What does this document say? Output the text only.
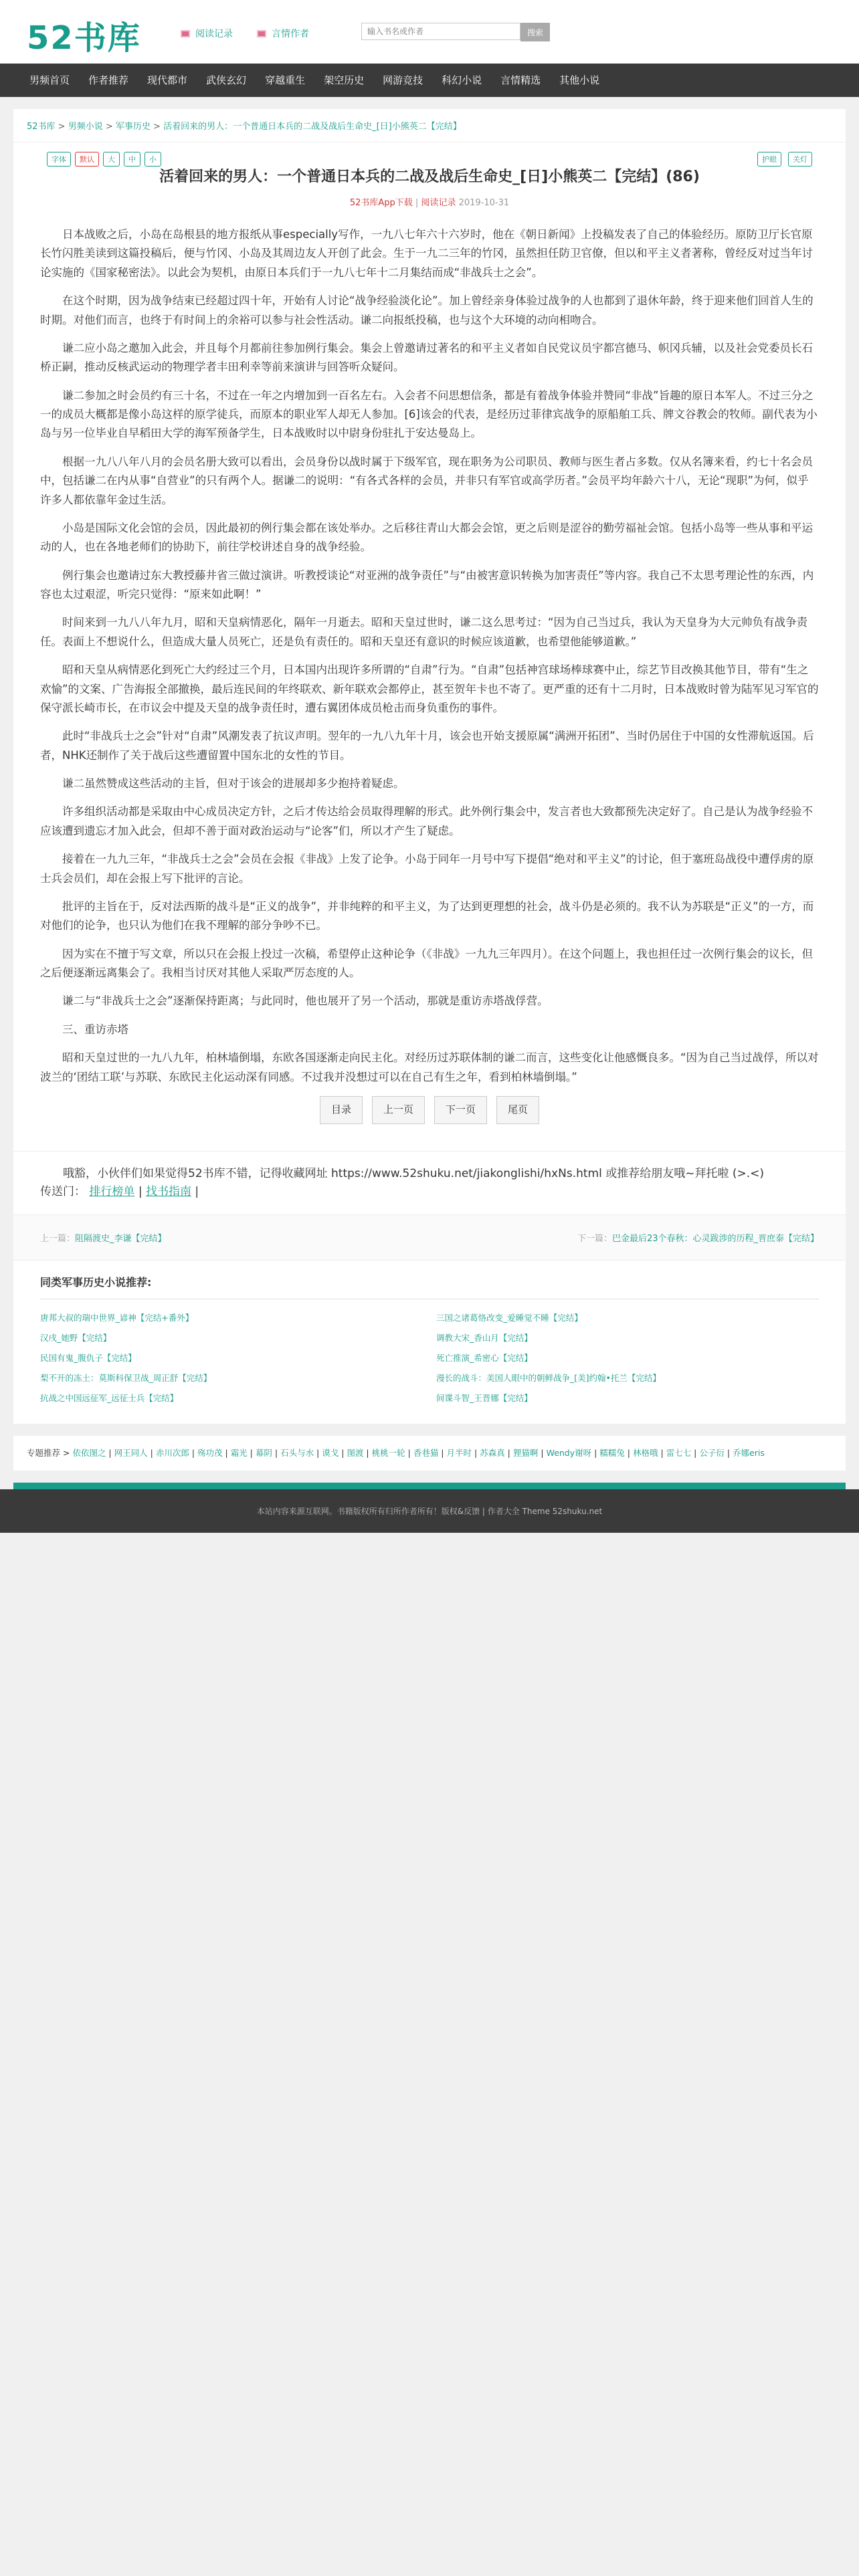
52书库	阅读记录	言情作者
输入书名或作者	搜索
男频首页	作者推荐	现代都市	武侠玄幻	穿越重生	架空历史	网游竞技	科幻小说	言情精选	其他小说
52书库 > 男频小说 > 军事历史 > 活着回来的男人：一个普通日本兵的二战及战后生命史_[日]小熊英二【完结】
字体	默认	大	中	小	护眼	关灯
活着回来的男人：一个普通日本兵的二战及战后生命史_[日]小熊英二【完结】(86)
52书库App下载 | 阅读记录 2019-10-31

日本战败之后，小岛在岛根县的地方报纸从事especially写作，一九八七年六十六岁时，他在《朝日新闻》上投稿发表了自己的体验经历。原防卫厅长官原长竹闪胜美读到这篇投稿后，便与竹冈、小岛及其周边友人开创了此会。生于一九二三年的竹冈，虽然担任防卫官僚，但以和平主义者著称，曾经反对过当年讨论实施的《国家秘密法》。以此会为契机，由原日本兵们于一九八七年十二月集结而成“非战兵士之会”。

在这个时期，因为战争结束已经超过四十年，开始有人讨论“战争经验淡化论”。加上曾经亲身体验过战争的人也都到了退休年龄，终于迎来他们回首人生的时期。对他们而言，也终于有时间上的余裕可以参与社会性活动。谦二向报纸投稿，也与这个大环境的动向相吻合。

谦二应小岛之邀加入此会，并且每个月都前往参加例行集会。集会上曾邀请过著名的和平主义者如自民党议员宇都宫德马、帜冈兵辅，以及社会党委员长石桥正嗣，推动反核武运动的物理学者丰田利幸等前来演讲与回答听众疑问。

谦二参加之时会员约有三十名，不过在一年之内增加到一百名左右。入会者不问思想信条，都是有着战争体验并赞同“非战”旨趣的原日本军人。不过三分之一的成员大概都是像小岛这样的原学徒兵，而原本的职业军人却无人参加。[6]该会的代表，是经历过菲律宾战争的原船舶工兵、牌文谷教会的牧师。副代表为小岛与另一位毕业自早稻田大学的海军预备学生，日本战败时以中尉身份驻扎于安达曼岛上。

根据一九八八年八月的会员名册大致可以看出，会员身份以战时属于下级军官，现在职务为公司职员、教师与医生者占多数。仅从名簿来看，约七十名会员中，包括谦二在内从事“自营业”的只有两个人。据谦二的说明：“有各式各样的会员，并非只有军官或高学历者。”会员平均年龄六十八，无论“现职”为何，似乎许多人都依靠年金过生活。

小岛是国际文化会馆的会员，因此最初的例行集会都在该处举办。之后移往青山大都会会馆，更之后则是涩谷的勤劳福祉会馆。包括小岛等一些从事和平运动的人，也在各地老师们的协助下，前往学校讲述自身的战争经验。

例行集会也邀请过东大教授藤井省三做过演讲。听教授谈论“对亚洲的战争责任”与“由被害意识转换为加害责任”等内容。我自己不太思考理论性的东西，内容也太过艰涩，听完只觉得：“原来如此啊！”

时间来到一九八八年九月，昭和天皇病情恶化，隔年一月逝去。昭和天皇过世时，谦二这么思考过：“因为自己当过兵，我认为天皇身为大元帅负有战争责任。表面上不想说什么，但造成大量人员死亡，还是负有责任的。昭和天皇还有意识的时候应该道歉，也希望他能够道歉。”

昭和天皇从病情恶化到死亡大约经过三个月，日本国内出现许多所谓的“自肃”行为。“自肃”包括神宫球场棒球赛中止，综艺节目改换其他节目，带有“生之欢愉”的文案、广告海报全部撤换，最后连民间的年终联欢、新年联欢会都停止，甚至贺年卡也不寄了。更严重的还有十二月时，日本战败时曾为陆军见习军官的保守派长崎市长，在市议会中提及天皇的战争责任时，遭右翼团体成员枪击而身负重伤的事件。

此时“非战兵士之会”针对“自肃”风潮发表了抗议声明。翌年的一九八九年十月，该会也开始支援原属“满洲开拓团”、当时仍居住于中国的女性滞航返国。后者，NHK还制作了关于战后这些遭留置中国东北的女性的节目。

谦二虽然赞成这些活动的主旨，但对于该会的进展却多少抱持着疑虑。

许多组织活动都是采取由中心成员决定方针，之后才传达给会员取得理解的形式。此外例行集会中，发言者也大致都预先决定好了。自己是认为战争经验不应该遭到遗忘才加入此会，但却不善于面对政治运动与“论客”们，所以才产生了疑虑。

接着在一九九三年，“非战兵士之会”会员在会报《非战》上发了论争。小岛于同年一月号中写下提倡“绝对和平主义”的讨论，但于塞班岛战役中遭俘虏的原士兵会员们，却在会报上写下批评的言论。

批评的主旨在于，反对法西斯的战斗是“正义的战争”，并非纯粹的和平主义，为了达到更理想的社会，战斗仍是必须的。我不认为苏联是“正义”的一方，而对他们的论争，也只认为他们在我不理解的部分争吵不已。

因为实在不擅于写文章，所以只在会报上投过一次稿，希望停止这种论争（《非战》一九九三年四月）。在这个问题上，我也担任过一次例行集会的议长，但之后便逐渐远离集会了。我相当讨厌对其他人采取严厉态度的人。

谦二与“非战兵士之会”逐渐保持距离；与此同时，他也展开了另一个活动，那就是重访赤塔战俘营。

三、重访赤塔

昭和天皇过世的一九八九年，柏林墙倒塌，东欧各国逐渐走向民主化。对经历过苏联体制的谦二而言，这些变化让他感慨良多。“因为自己当过战俘，所以对波兰的‘团结工联’与苏联、东欧民主化运动深有同感。不过我并没想过可以在自己有生之年，看到柏林墙倒塌。”

目录	上一页	下一页	尾页
哦豁，小伙伴们如果觉得52书库不错，记得收藏网址 https://www.52shuku.net/jiakonglishi/hxNs.html 或推荐给朋友哦~拜托啦 (>.<)
传送门： 排行榜单 | 找书指南 |
上一篇：阻隔渡史_李谦【完结】	下一篇：巴金最后23个春秋：心灵跋涉的历程_晋庶泰【完结】
同类军事历史小说推荐:
唐邦大叔的瑞中世界_谚神【完结+番外】	三国之诸葛恪改变_爱睡觉不睡【完结】
汉戌_她野【完结】	调教大宋_香山月【完结】
民国有鬼_腹仇子【完结】	死亡推演_希密心【完结】
梨不开的冻土：莫斯科保卫战_周正舒【完结】	漫长的战斗：美国人眼中的朝鲜战争_[美]约翰•托兰【完结】
抗战之中国远征军_远征士兵【完结】	间谍斗智_王晋娜【完结】
专题推荐 > 依依图之 | 网王同人 | 赤川次郎 | 殇功茂 | 霜光 | 幕阴 | 石头与水 | 谟戈 | 图渡 | 桃桃一轮 | 香巷猫 | 月半时 | 苏森真 | 狸猫啊 | Wendy谢呀 | 糯糯兔 | 林格哦 | 雷七七 | 公子衍 | 乔娜eris
本站内容来源互联网。书籍版权所有归所作者所有！版权&反馈 | 作者大全 Theme 52shuku.net
